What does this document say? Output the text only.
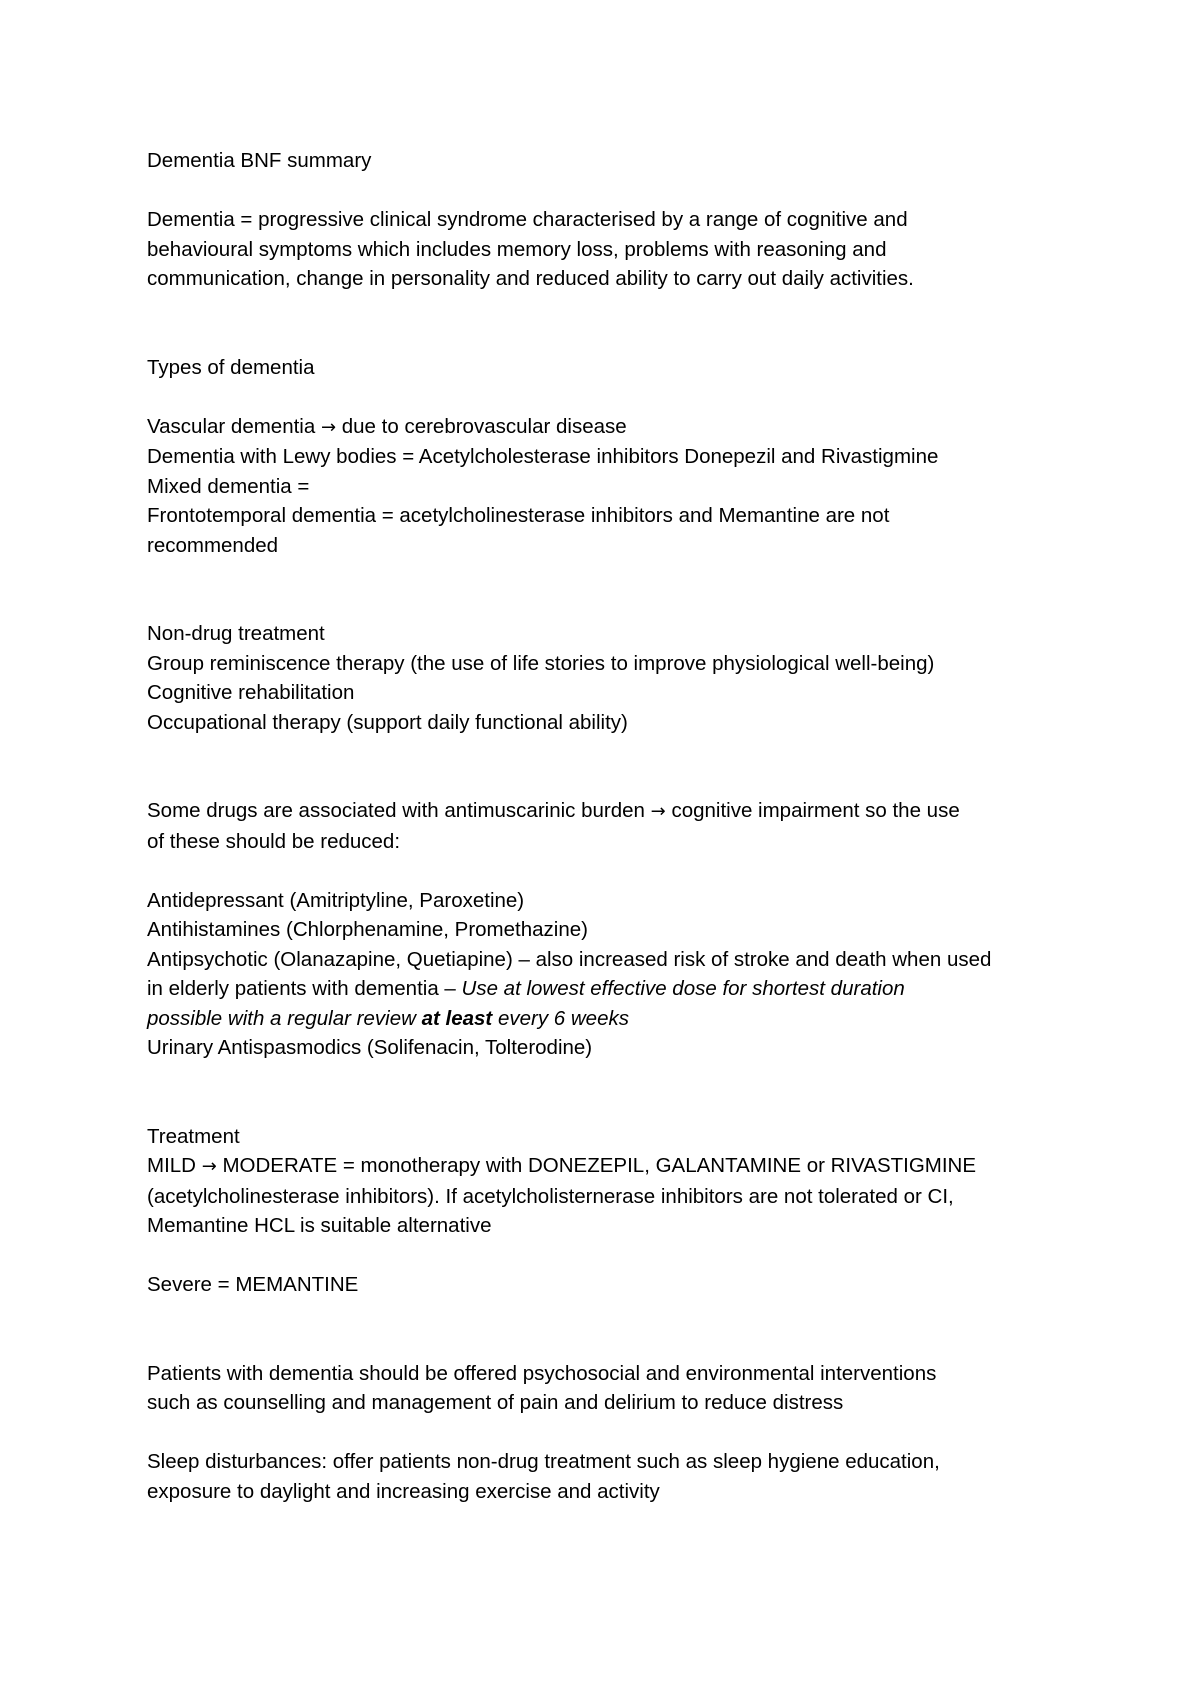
Dementia BNF summary
Dementia = progressive clinical syndrome characterised by a range of cognitive and
behavioural symptoms which includes memory loss, problems with reasoning and
communication, change in personality and reduced ability to carry out daily activities.
Types of dementia
Vascular dementia → due to cerebrovascular disease
Dementia with Lewy bodies = Acetylcholesterase inhibitors Donepezil and Rivastigmine
Mixed dementia =
Frontotemporal dementia = acetylcholinesterase inhibitors and Memantine are not
recommended
Non-drug treatment
Group reminiscence therapy (the use of life stories to improve physiological well-being)
Cognitive rehabilitation
Occupational therapy (support daily functional ability)
Some drugs are associated with antimuscarinic burden → cognitive impairment so the use
of these should be reduced:
Antidepressant (Amitriptyline, Paroxetine)
Antihistamines (Chlorphenamine, Promethazine)
Antipsychotic (Olanazapine, Quetiapine) – also increased risk of stroke and death when used
in elderly patients with dementia – Use at lowest effective dose for shortest duration
possible with a regular review at least every 6 weeks
Urinary Antispasmodics (Solifenacin, Tolterodine)
Treatment
MILD → MODERATE = monotherapy with DONEZEPIL, GALANTAMINE or RIVASTIGMINE
(acetylcholinesterase inhibitors). If acetylcholisternerase inhibitors are not tolerated or CI,
Memantine HCL is suitable alternative
Severe = MEMANTINE
Patients with dementia should be offered psychosocial and environmental interventions
such as counselling and management of pain and delirium to reduce distress
Sleep disturbances: offer patients non-drug treatment such as sleep hygiene education,
exposure to daylight and increasing exercise and activity
